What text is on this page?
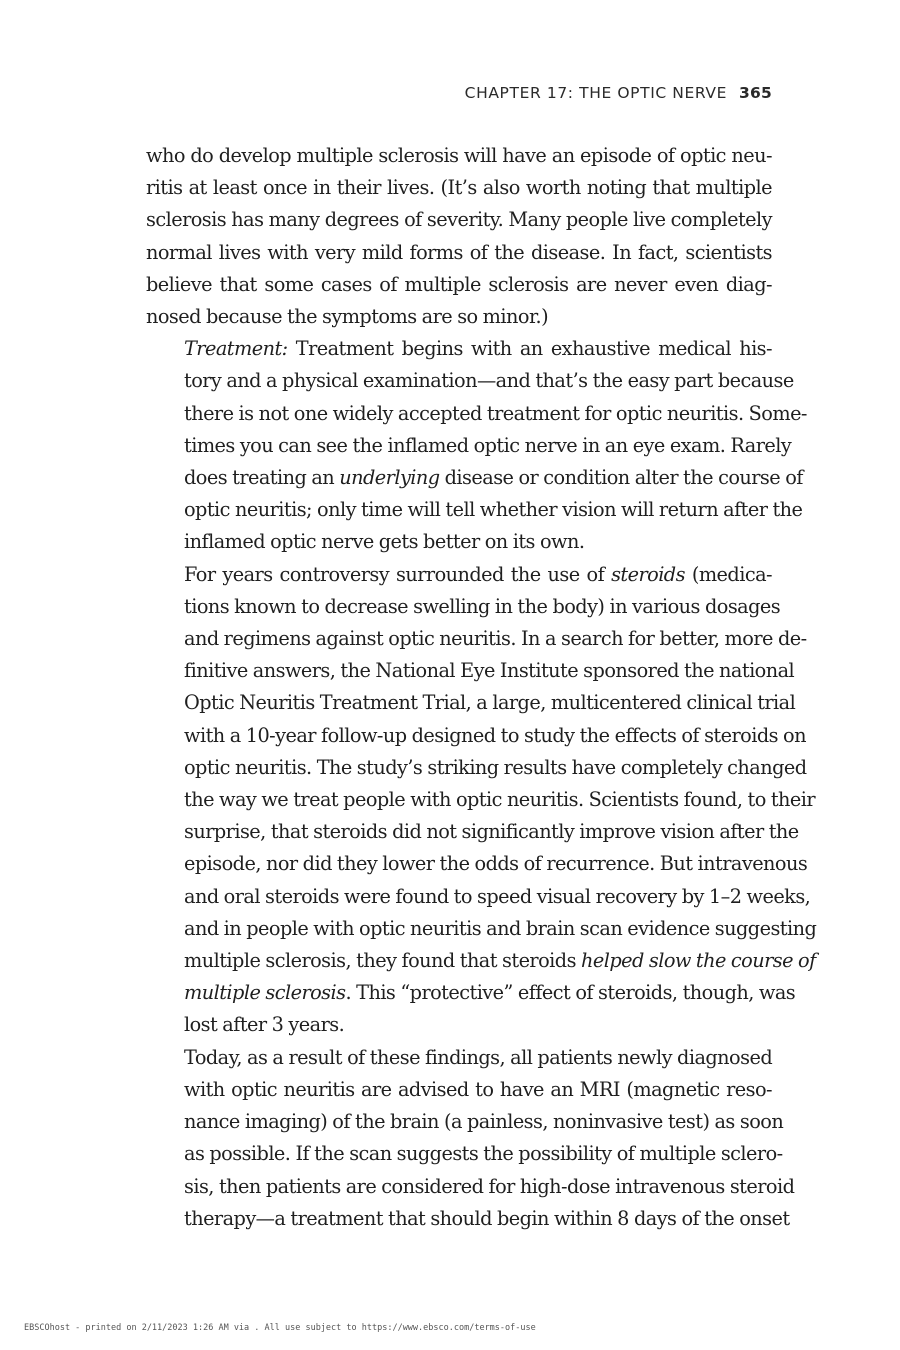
CHAPTER 17: THE OPTIC NERVE 365

who do develop multiple sclerosis will have an episode of optic neu-
ritis at least once in their lives. (It’s also worth noting that multiple
sclerosis has many degrees of severity. Many people live completely
normal lives with very mild forms of the disease. In fact, scientists
believe that some cases of multiple sclerosis are never even diag-
nosed because the symptoms are so minor.)

Treatment: Treatment begins with an exhaustive medical his-
tory and a physical examination—and that’s the easy part because
there is not one widely accepted treatment for optic neuritis. Some-
times you can see the inflamed optic nerve in an eye exam. Rarely
does treating an underlying disease or condition alter the course of
optic neuritis; only time will tell whether vision will return after the
inflamed optic nerve gets better on its own.

For years controversy surrounded the use of steroids (medica-
tions known to decrease swelling in the body) in various dosages
and regimens against optic neuritis. In a search for better, more de-
finitive answers, the National Eye Institute sponsored the national
Optic Neuritis Treatment Trial, a large, multicentered clinical trial
with a 10-year follow-up designed to study the effects of steroids on
optic neuritis. The study’s striking results have completely changed
the way we treat people with optic neuritis. Scientists found, to their
surprise, that steroids did not significantly improve vision after the
episode, nor did they lower the odds of recurrence. But intravenous
and oral steroids were found to speed visual recovery by 1–2 weeks,
and in people with optic neuritis and brain scan evidence suggesting
multiple sclerosis, they found that steroids helped slow the course of
multiple sclerosis. This “protective” effect of steroids, though, was
lost after 3 years.

Today, as a result of these findings, all patients newly diagnosed
with optic neuritis are advised to have an MRI (magnetic reso-
nance imaging) of the brain (a painless, noninvasive test) as soon
as possible. If the scan suggests the possibility of multiple sclero-
sis, then patients are considered for high-dose intravenous steroid
therapy—a treatment that should begin within 8 days of the onset

EBSCOhost - printed on 2/11/2023 1:26 AM via . All use subject to https://www.ebsco.com/terms-of-use
